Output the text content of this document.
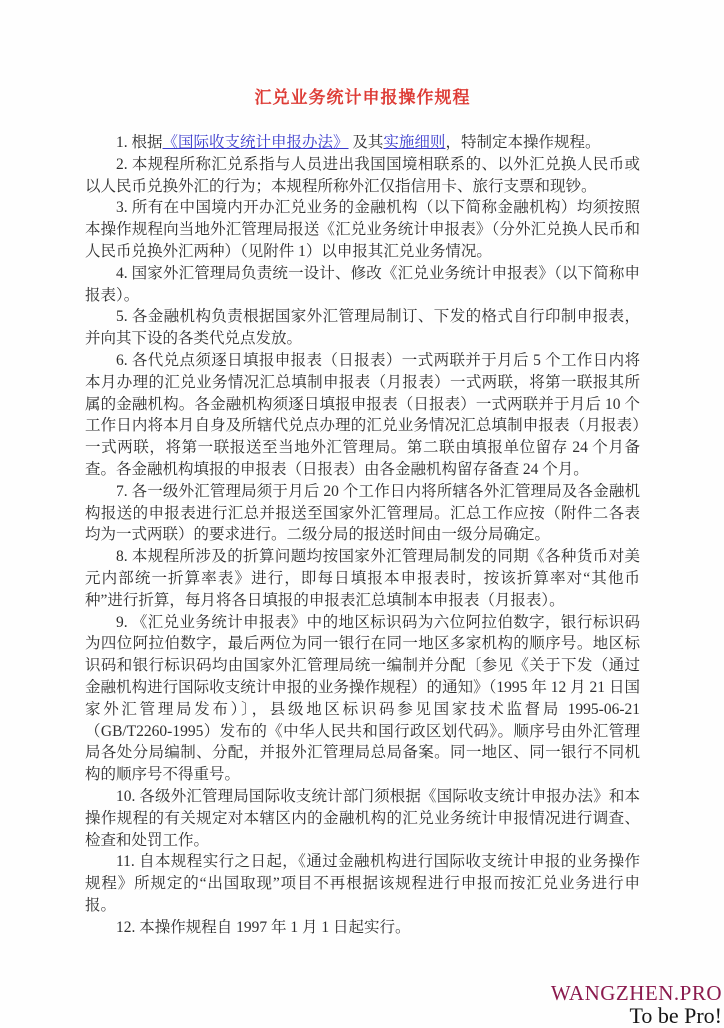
汇兑业务统计申报操作规程

1. 根据《国际收支统计申报办法》 及其实施细则，特制定本操作规程。

2. 本规程所称汇兑系指与人员进出我国国境相联系的、以外汇兑换人民币或以人民币兑换外汇的行为；本规程所称外汇仅指信用卡、旅行支票和现钞。

3. 所有在中国境内开办汇兑业务的金融机构（以下简称金融机构）均须按照本操作规程向当地外汇管理局报送《汇兑业务统计申报表》（分外汇兑换人民币和人民币兑换外汇两种）（见附件 1）以申报其汇兑业务情况。

4. 国家外汇管理局负责统一设计、修改《汇兑业务统计申报表》（以下简称申报表）。

5. 各金融机构负责根据国家外汇管理局制订、下发的格式自行印制申报表，并向其下设的各类代兑点发放。

6. 各代兑点须逐日填报申报表（日报表）一式两联并于月后 5 个工作日内将本月办理的汇兑业务情况汇总填制申报表（月报表）一式两联，将第一联报其所属的金融机构。各金融机构须逐日填报申报表（日报表）一式两联并于月后 10 个工作日内将本月自身及所辖代兑点办理的汇兑业务情况汇总填制申报表（月报表）一式两联，将第一联报送至当地外汇管理局。第二联由填报单位留存 24 个月备查。各金融机构填报的申报表（日报表）由各金融机构留存备查 24 个月。

7. 各一级外汇管理局须于月后 20 个工作日内将所辖各外汇管理局及各金融机构报送的申报表进行汇总并报送至国家外汇管理局。汇总工作应按（附件二各表均为一式两联）的要求进行。二级分局的报送时间由一级分局确定。

8. 本规程所涉及的折算问题均按国家外汇管理局制发的同期《各种货币对美元内部统一折算率表》进行，即每日填报本申报表时，按该折算率对“其他币种”进行折算，每月将各日填报的申报表汇总填制本申报表（月报表）。

9. 《汇兑业务统计申报表》中的地区标识码为六位阿拉伯数字，银行标识码为四位阿拉伯数字，最后两位为同一银行在同一地区多家机构的顺序号。地区标识码和银行标识码均由国家外汇管理局统一编制并分配〔参见《关于下发（通过金融机构进行国际收支统计申报的业务操作规程）的通知》（1995 年 12 月 21 日国家外汇管理局发布）〕，县级地区标识码参见国家技术监督局 1995-06-21（GB/T2260-1995）发布的《中华人民共和国行政区划代码》。顺序号由外汇管理局各处分局编制、分配，并报外汇管理局总局备案。同一地区、同一银行不同机构的顺序号不得重号。

10. 各级外汇管理局国际收支统计部门须根据《国际收支统计申报办法》和本操作规程的有关规定对本辖区内的金融机构的汇兑业务统计申报情况进行调查、检查和处罚工作。

11. 自本规程实行之日起，《通过金融机构进行国际收支统计申报的业务操作规程》所规定的“出国取现”项目不再根据该规程进行申报而按汇兑业务进行申报。

12. 本操作规程自 1997 年 1 月 1 日起实行。

WANGZHEN.PRO
To be Pro!
